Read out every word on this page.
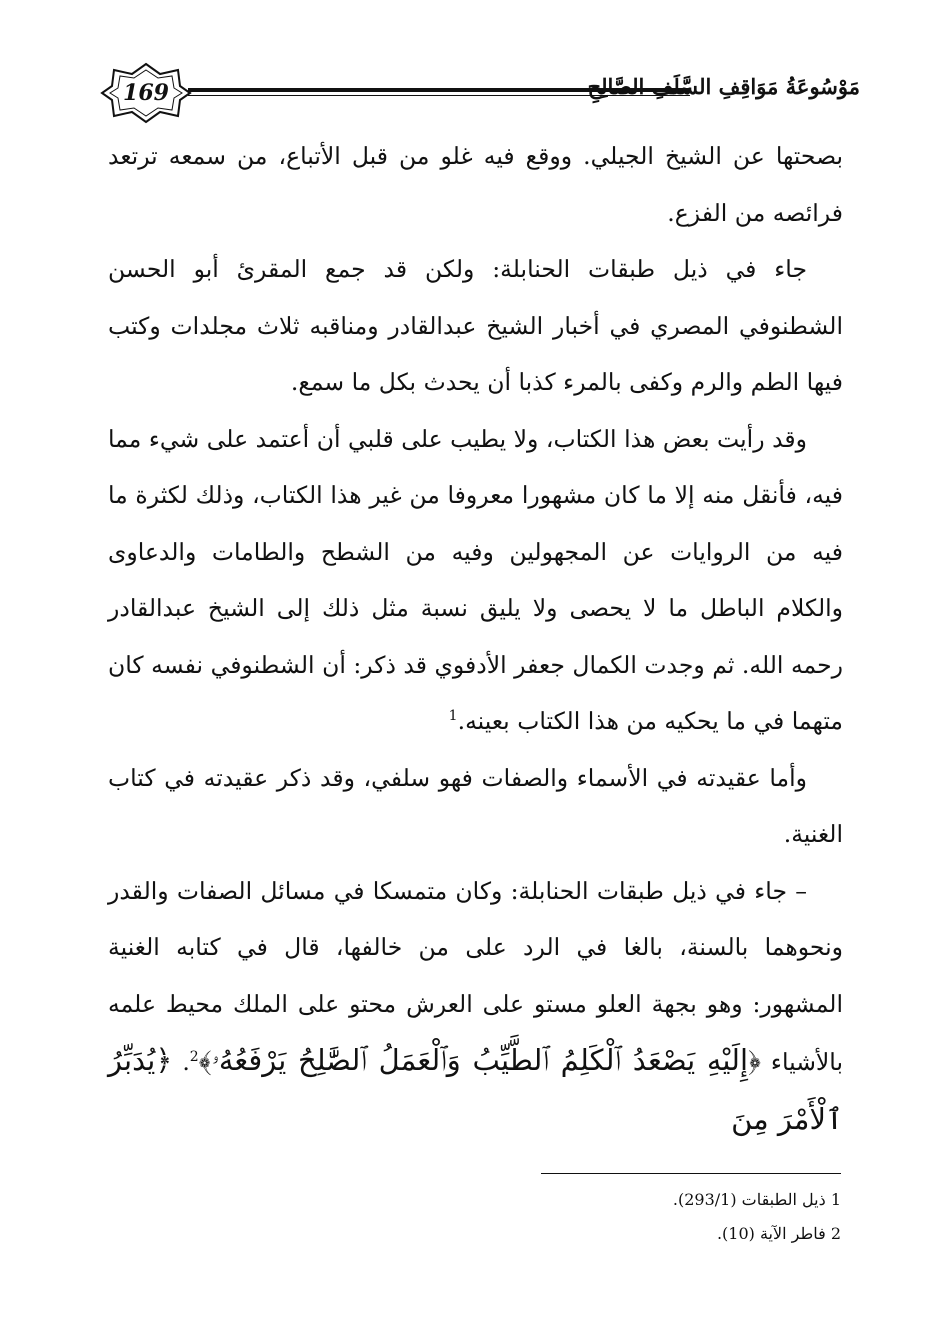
169	مَوْسُوعَةُ مَوَاقِفِ السَّلَفِ الصَّالِحِ

بصحتها عن الشيخ الجيلي. ووقع فيه غلو من قبل الأتباع، من سمعه ترتعد فرائصه من الفزع.

جاء في ذيل طبقات الحنابلة: ولكن قد جمع المقرئ أبو الحسن الشطنوفي المصري في أخبار الشيخ عبدالقادر ومناقبه ثلاث مجلدات وكتب فيها الطم والرم وكفى بالمرء كذبا أن يحدث بكل ما سمع.

وقد رأيت بعض هذا الكتاب، ولا يطيب على قلبي أن أعتمد على شيء مما فيه، فأنقل منه إلا ما كان مشهورا معروفا من غير هذا الكتاب، وذلك لكثرة ما فيه من الروايات عن المجهولين وفيه من الشطح والطامات والدعاوى والكلام الباطل ما لا يحصى ولا يليق نسبة مثل ذلك إلى الشيخ عبدالقادر رحمه الله. ثم وجدت الكمال جعفر الأدفوي قد ذكر: أن الشطنوفي نفسه كان متهما في ما يحكيه من هذا الكتاب بعينه.$^1$

وأما عقيدته في الأسماء والصفات فهو سلفي، وقد ذكر عقيدته في كتاب الغنية.

– جاء في ذيل طبقات الحنابلة: وكان متمسكا في مسائل الصفات والقدر ونحوهما بالسنة، بالغا في الرد على من خالفها، قال في كتابه الغنية المشهور: وهو بجهة العلو مستو على العرش محتو على الملك محيط علمه بالأشياء ﴿إِلَيْهِ يَصْعَدُ ٱلْكَلِمُ ٱلطَّيِّبُ وَٱلْعَمَلُ ٱلصَّٰلِحُ يَرْفَعُهُۥ﴾$^2$. ﴿يُدَبِّرُ ٱلْأَمْرَ مِنَ

1 ذيل الطبقات (293/1).
2 فاطر الآية (10).
